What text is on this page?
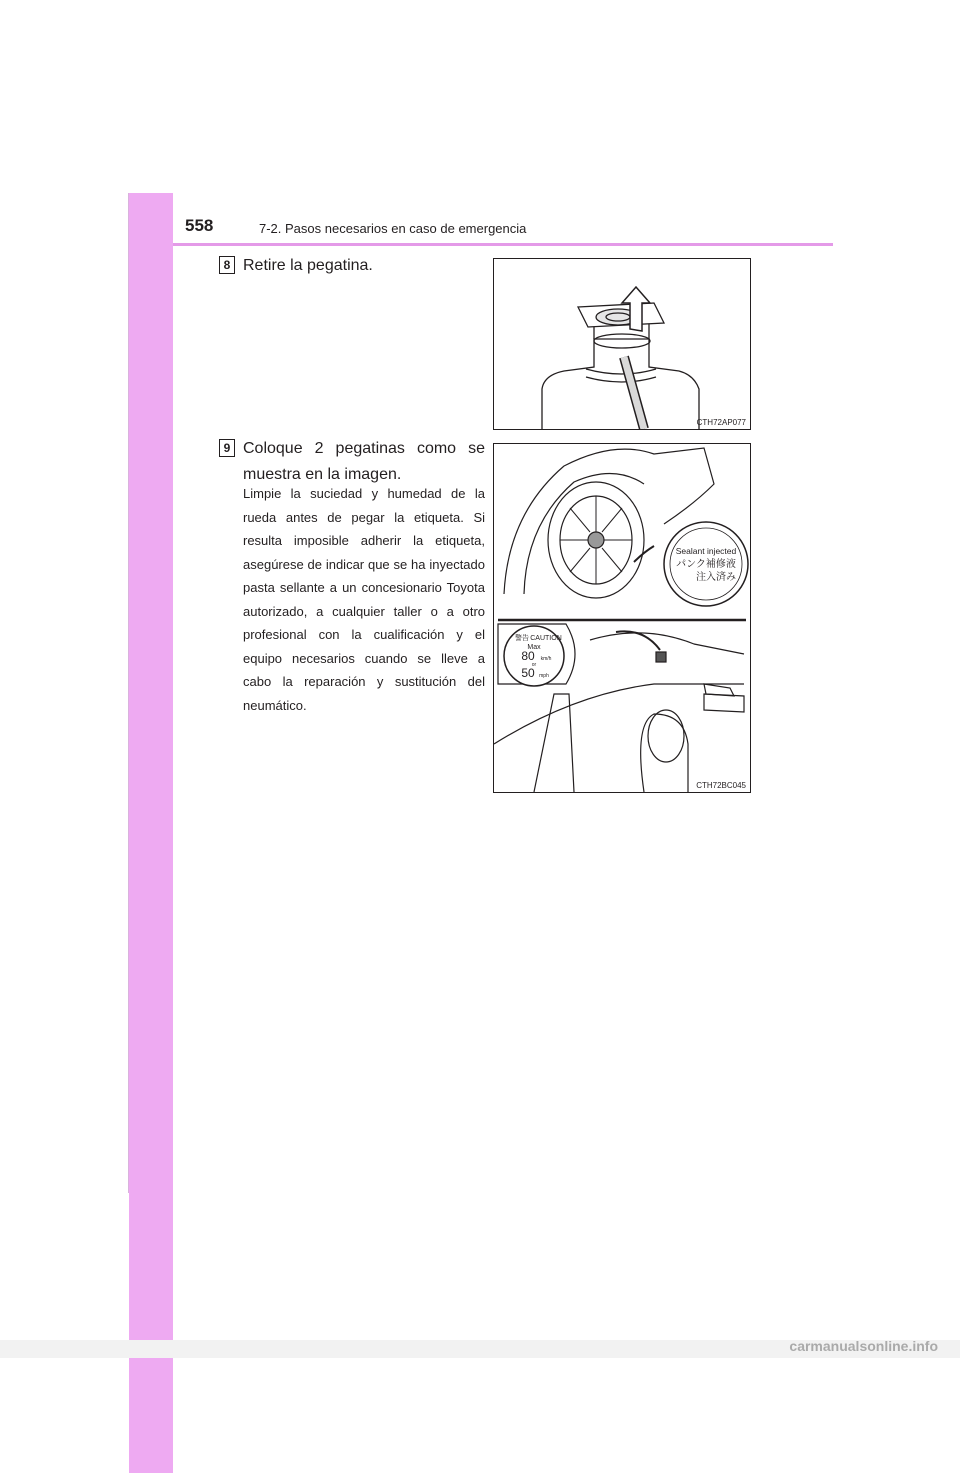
558	7-2. Pasos necesarios en caso de emergencia
8 Retire la pegatina.
9 Coloque 2 pegatinas como se muestra en la imagen.
Limpie la suciedad y humedad de la rueda antes de pegar la etiqueta. Si resulta imposible adherir la etiqueta, asegúrese de indicar que se ha inyectado pasta sellante a un concesionario Toyota autorizado, a cualquier taller o a otro profesional con la cualificación y el equipo necesarios cuando se lleve a cabo la reparación y sustitución del neumático.
CTH72AP077
Sealant injected
パンク補修液
注入済み
CAUTION
警告
Max
80 km/h
or
50 mph
CTH72BC045
carmanualsonline.info
